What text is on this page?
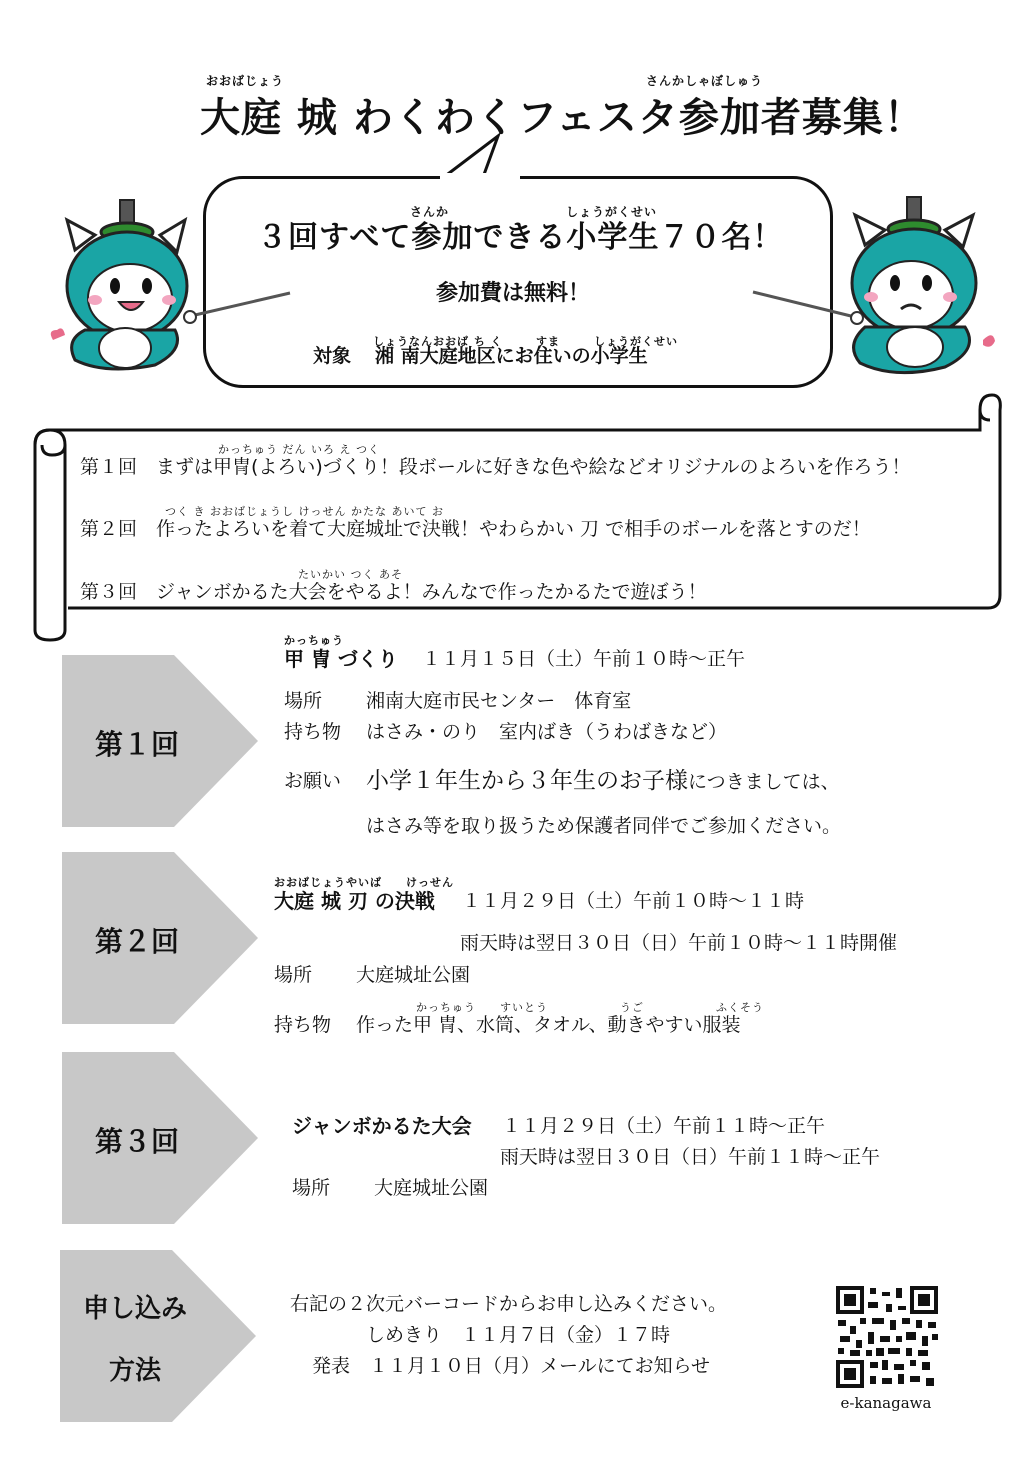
おおばじょう	さんかしゃぼしゅう
大庭 城 わくわくフェスタ参加者募集！
さんか	しょうがくせい
３回すべて参加できる小学生７０名！
参加費は無料！
しょうなんおおば ち く	すま	しょうがくせい
対象 湘 南大庭地区にお住いの小学生
かっちゅう だん いろ え つく
第１回　まずは甲冑(よろい)づくり！段ボールに好きな色や絵などオリジナルのよろいを作ろう！
つく き おおばじょうし けっせん かたな あいて お
第２回　作ったよろいを着て大庭城址で決戦！やわらかい 刀 で相手のボールを落とすのだ！
たいかい つく あそ
第３回　ジャンボかるた大会をやるよ！みんなで作ったかるたで遊ぼう！
第１回
第２回
第３回
申し込み
方法
かっちゅう
甲 冑 づくり １１月１５日（土）午前１０時～正午
場所 湘南大庭市民センター　体育室
持ち物 はさみ・のり　室内ばき（うわばきなど）
お願い 小学１年生から３年生のお子様につきましては、
はさみ等を取り扱うため保護者同伴でご参加ください。
おおばじょうやいば　　けっせん
大庭 城 刃 の決戦 １１月２９日（土）午前１０時～１１時
雨天時は翌日３０日（日）午前１０時～１１時開催
場所 大庭城址公園
かっちゅう　　すいとう　　　　　　うご　　　　　　ふくそう
持ち物 作った甲 冑、水筒、タオル、動きやすい服装
ジャンボかるた大会 １１月２９日（土）午前１１時～正午
雨天時は翌日３０日（日）午前１１時～正午
場所 大庭城址公園
右記の２次元バーコードからお申し込みください。
しめきり　１１月７日（金）１７時
発表　１１月１０日（月）メールにてお知らせ
e-kanagawa
